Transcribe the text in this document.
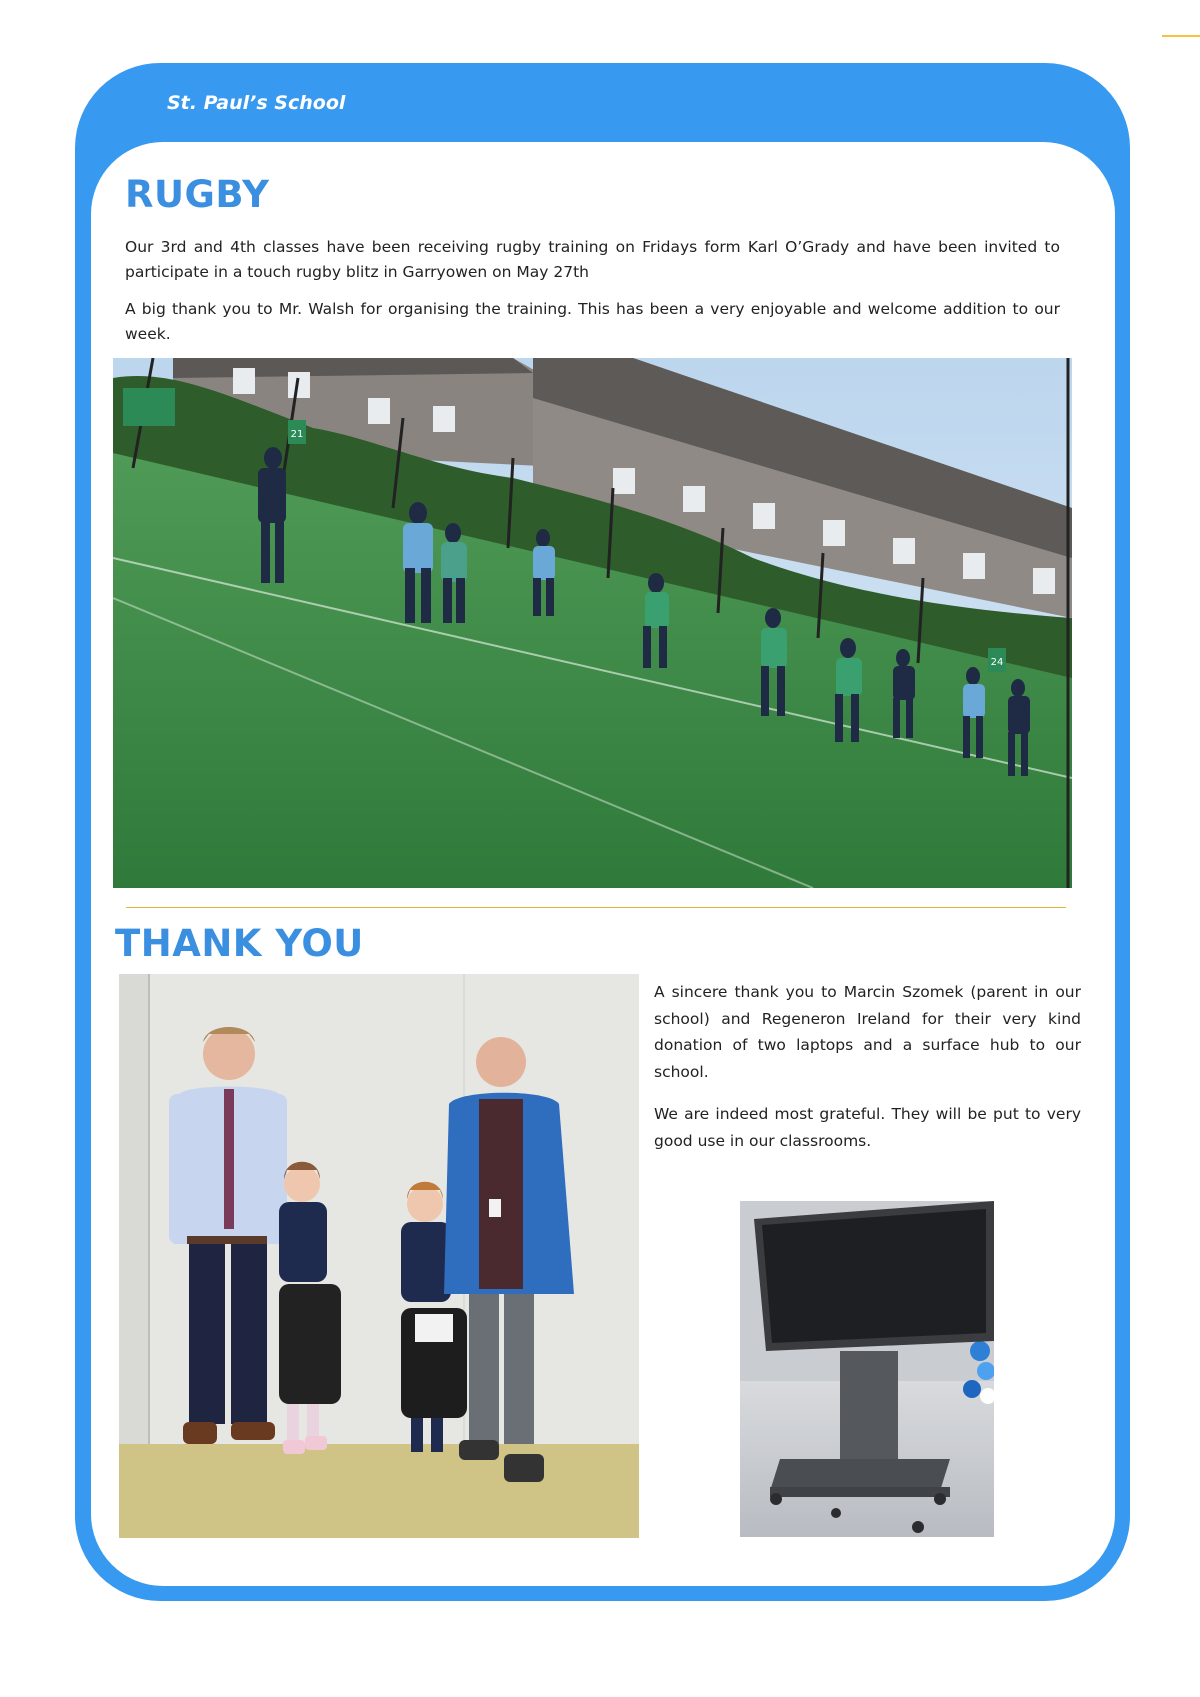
St. Paul’s School
RUGBY

Our 3rd and 4th classes have been receiving rugby training on Fridays form Karl O’Grady and have been invited to participate in a touch rugby blitz in Garryowen on May 27th

A big thank you to Mr. Walsh for organising the training. This has been a very enjoyable and welcome addition to our week.

21
24
THANK YOU

A sincere thank you to Marcin Szomek (parent in our school) and Regeneron Ireland for their very kind donation of two laptops and a surface hub to our school.

We are indeed most grateful. They will be put to very good use in our classrooms.
